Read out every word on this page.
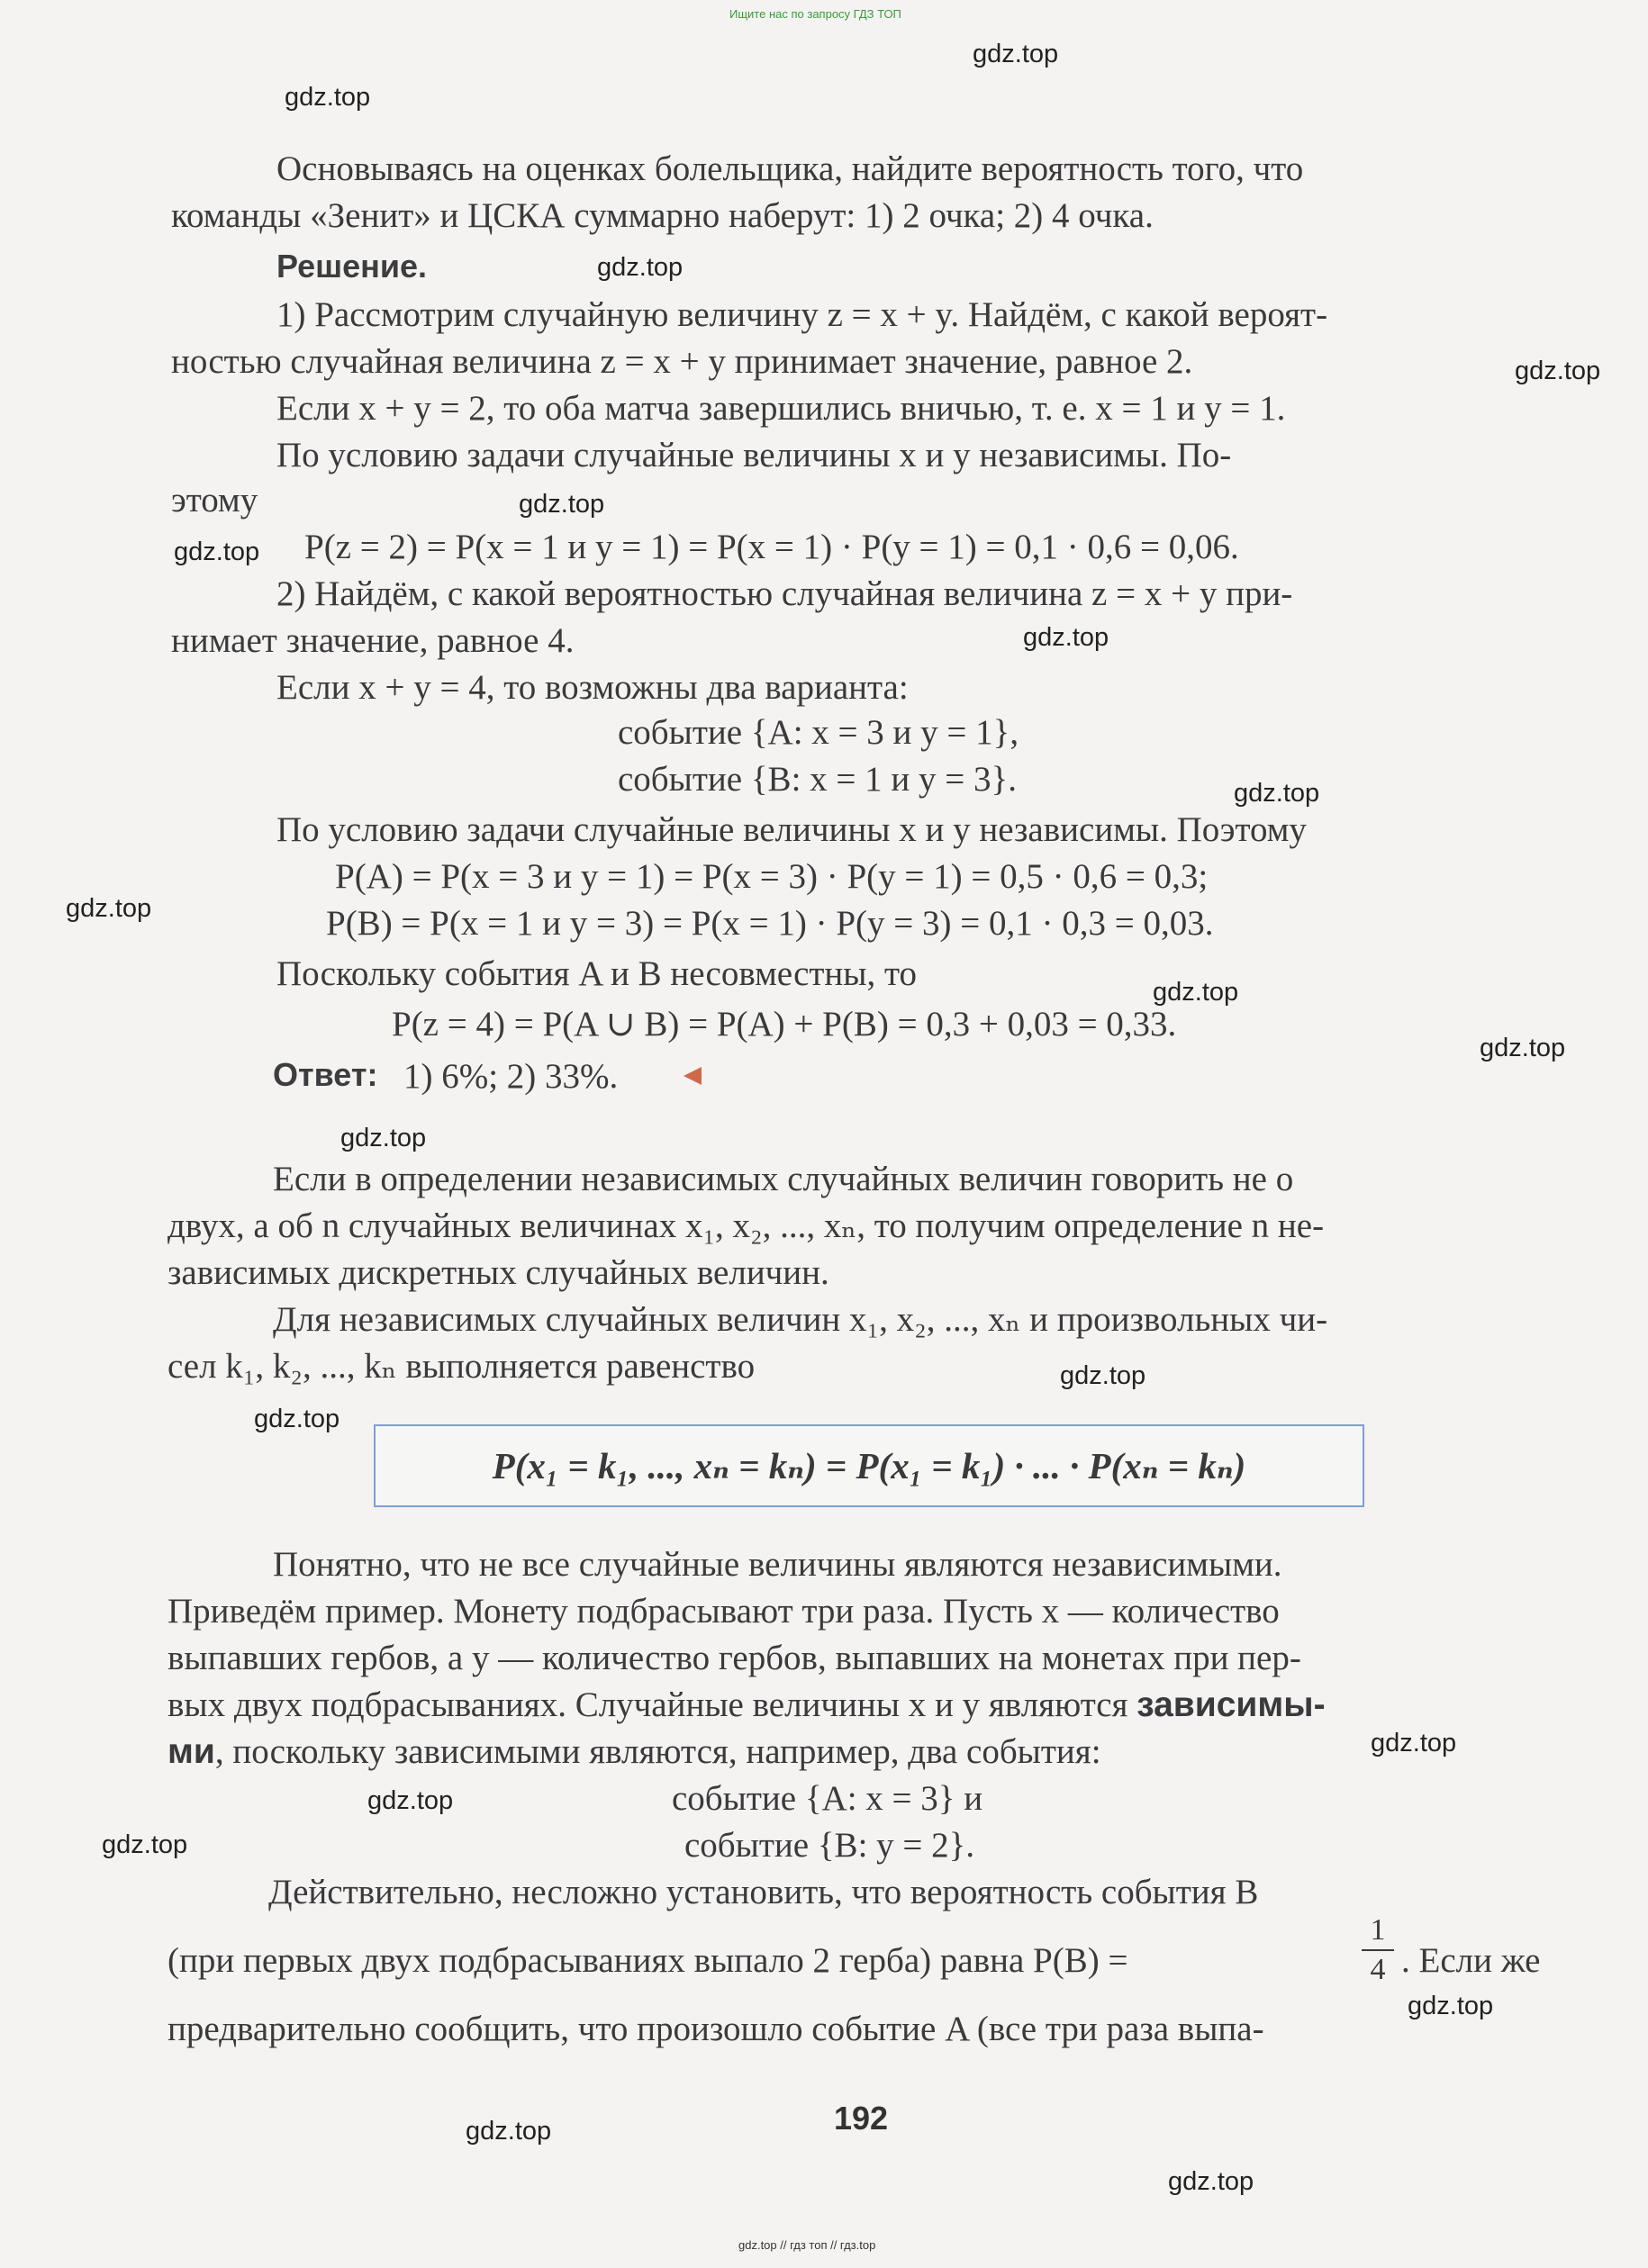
Ищите нас по запросу ГДЗ ТОП
gdz.top
gdz.top
gdz.top
gdz.top
gdz.top
gdz.top
gdz.top
gdz.top
gdz.top
gdz.top
gdz.top
gdz.top
gdz.top
gdz.top
gdz.top
gdz.top
gdz.top
gdz.top
gdz.top
gdz.top
Основываясь на оценках болельщика, найдите вероятность того, что
команды «Зенит» и ЦСКА суммарно наберут: 1) 2 очка; 2) 4 очка.
Решение.
1) Рассмотрим случайную величину z = x + y. Найдём, с какой вероят-
ностью случайная величина z = x + y принимает значение, равное 2.
Если x + y = 2, то оба матча завершились вничью, т. е. x = 1 и y = 1.
По условию задачи случайные величины x и y независимы. По-
этому
P(z = 2) = P(x = 1 и y = 1) = P(x = 1) · P(y = 1) = 0,1 · 0,6 = 0,06.
2) Найдём, с какой вероятностью случайная величина z = x + y при-
нимает значение, равное 4.
Если x + y = 4, то возможны два варианта:
событие {A: x = 3 и y = 1},
событие {B: x = 1 и y = 3}.
По условию задачи случайные величины x и y независимы. Поэтому
P(A) = P(x = 3 и y = 1) = P(x = 3) · P(y = 1) = 0,5 · 0,6 = 0,3;
P(B) = P(x = 1 и y = 3) = P(x = 1) · P(y = 3) = 0,1 · 0,3 = 0,03.
Поскольку события A и B несовместны, то
P(z = 4) = P(A ∪ B) = P(A) + P(B) = 0,3 + 0,03 = 0,33.
Ответ: 1) 6%; 2) 33%.
Если в определении независимых случайных величин говорить не о
двух, а об n случайных величинах x₁, x₂, ..., xₙ, то получим определение n не-
зависимых дискретных случайных величин.
Для независимых случайных величин x₁, x₂, ..., xₙ и произвольных чи-
сел k₁, k₂, ..., kₙ выполняется равенство
P(x₁ = k₁, ..., xₙ = kₙ) = P(x₁ = k₁) · ... · P(xₙ = kₙ)
Понятно, что не все случайные величины являются независимыми.
Приведём пример. Монету подбрасывают три раза. Пусть x — количество
выпавших гербов, а y — количество гербов, выпавших на монетах при пер-
вых двух подбрасываниях. Случайные величины x и y являются зависимы-
ми, поскольку зависимыми являются, например, два события:
событие {A: x = 3} и
событие {B: y = 2}.
Действительно, несложно установить, что вероятность события B
(при первых двух подбрасываниях выпало 2 герба) равна P(B) =
1
4 . Если же
предварительно сообщить, что произошло событие A (все три раза выпа-
192
gdz.top // гдз топ // гдз.top
